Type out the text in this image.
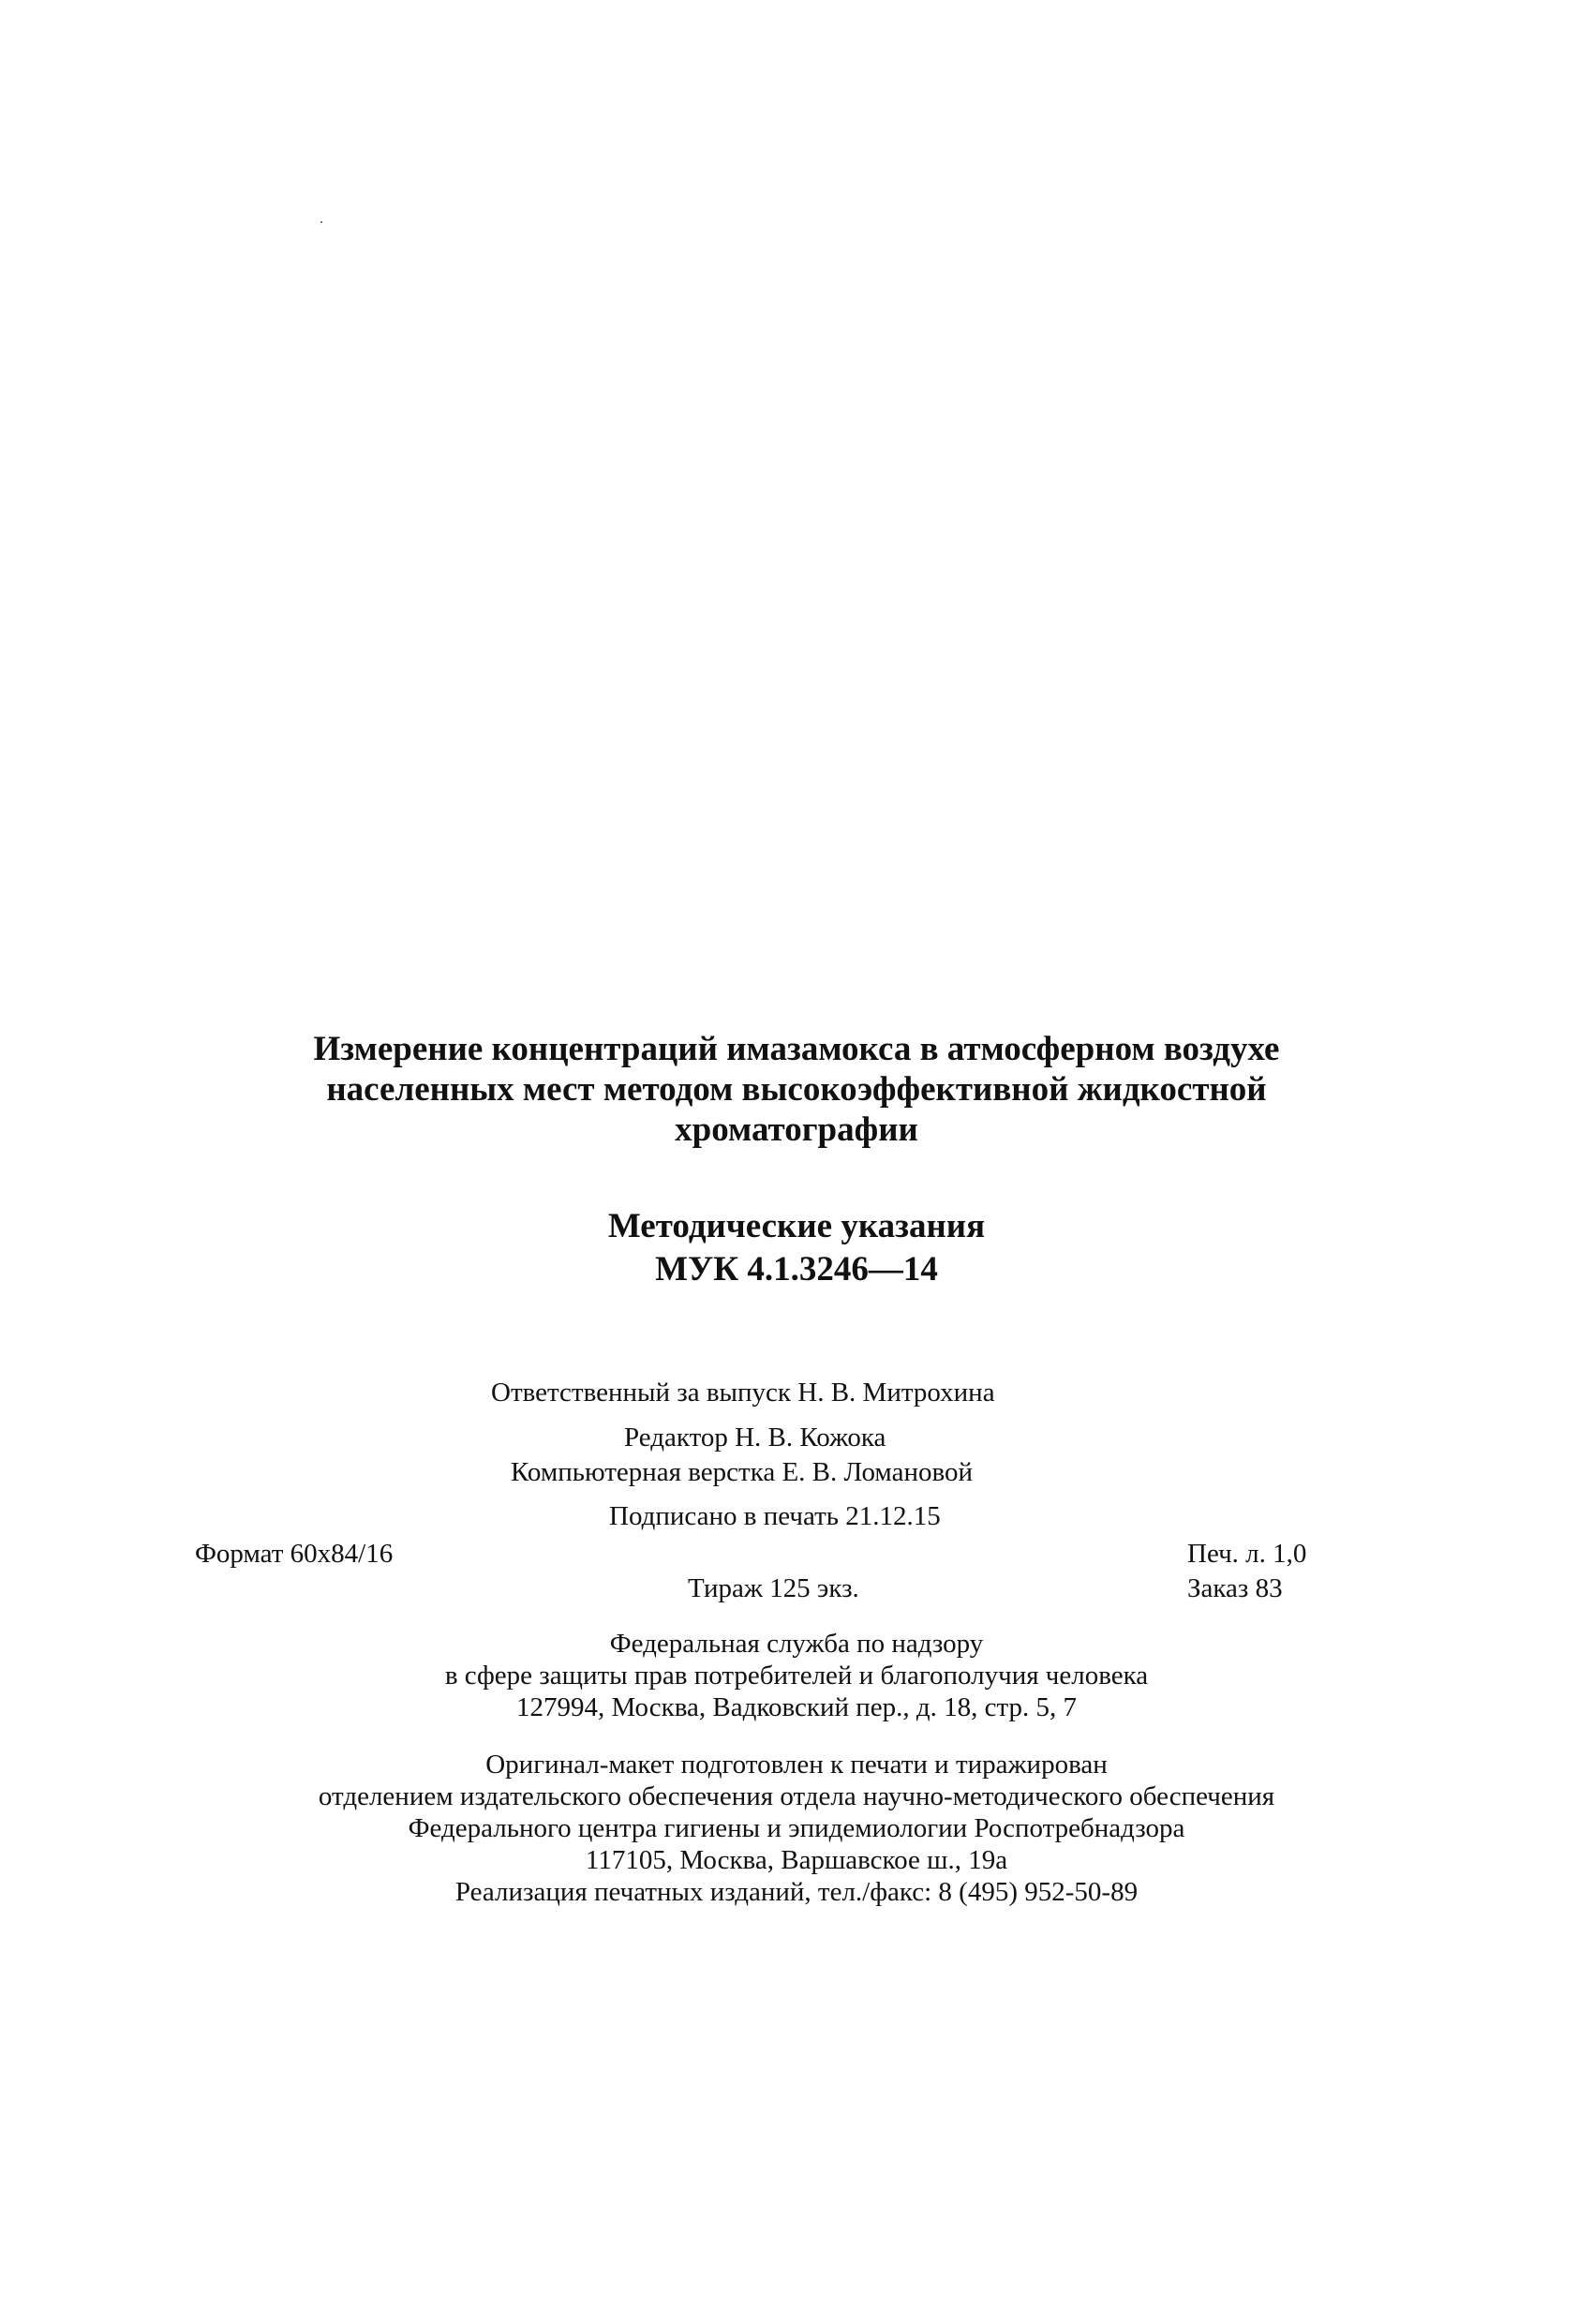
Измерение концентраций имазамокса в атмосферном воздухе
населенных мест методом высокоэффективной жидкостной
хроматографии
Методические указания
МУК 4.1.3246—14
Ответственный за выпуск Н. В. Митрохина
Редактор Н. В. Кожока
Компьютерная верстка Е. В. Ломановой
Подписано в печать 21.12.15
Формат 60x84/16	Печ. л. 1,0
Тираж 125 экз.	Заказ 83
Федеральная служба по надзору
в сфере защиты прав потребителей и благополучия человека
127994, Москва, Вадковский пер., д. 18, стр. 5, 7
Оригинал-макет подготовлен к печати и тиражирован
отделением издательского обеспечения отдела научно-методического обеспечения
Федерального центра гигиены и эпидемиологии Роспотребнадзора
117105, Москва, Варшавское ш., 19а
Реализация печатных изданий, тел./факс: 8 (495) 952-50-89
